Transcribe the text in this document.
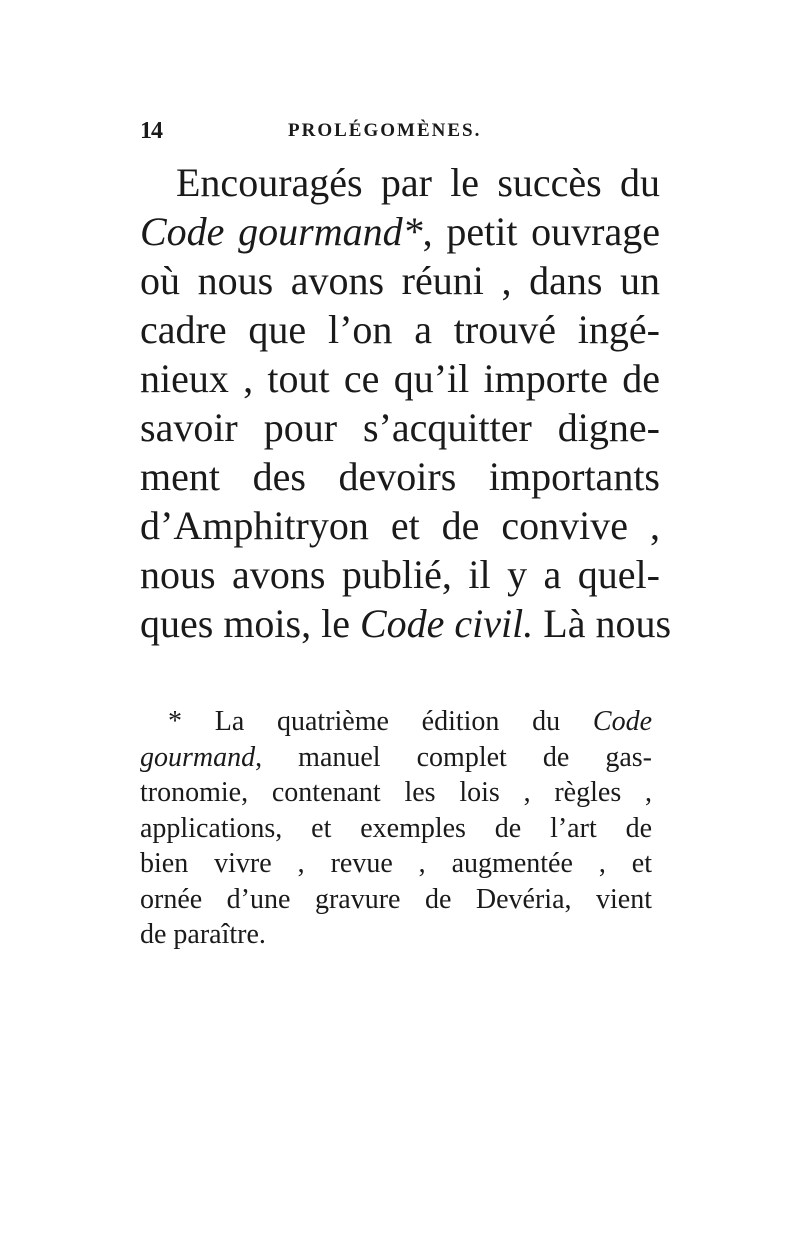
14	PROLÉGOMÈNES.

Encouragés par le succès du
Code gourmand*, petit ouvrage
où nous avons réuni , dans un
cadre que l’on a trouvé ingé-
nieux , tout ce qu’il importe de
savoir pour s’acquitter digne-
ment des devoirs importants
d’Amphitryon et de convive ,
nous avons publié, il y a quel-
ques mois, le Code civil. Là nous

* La quatrième édition du Code
gourmand, manuel complet de gas-
tronomie, contenant les lois , règles ,
applications, et exemples de l’art de
bien vivre , revue , augmentée , et
ornée d’une gravure de Devéria, vient
de paraître.
